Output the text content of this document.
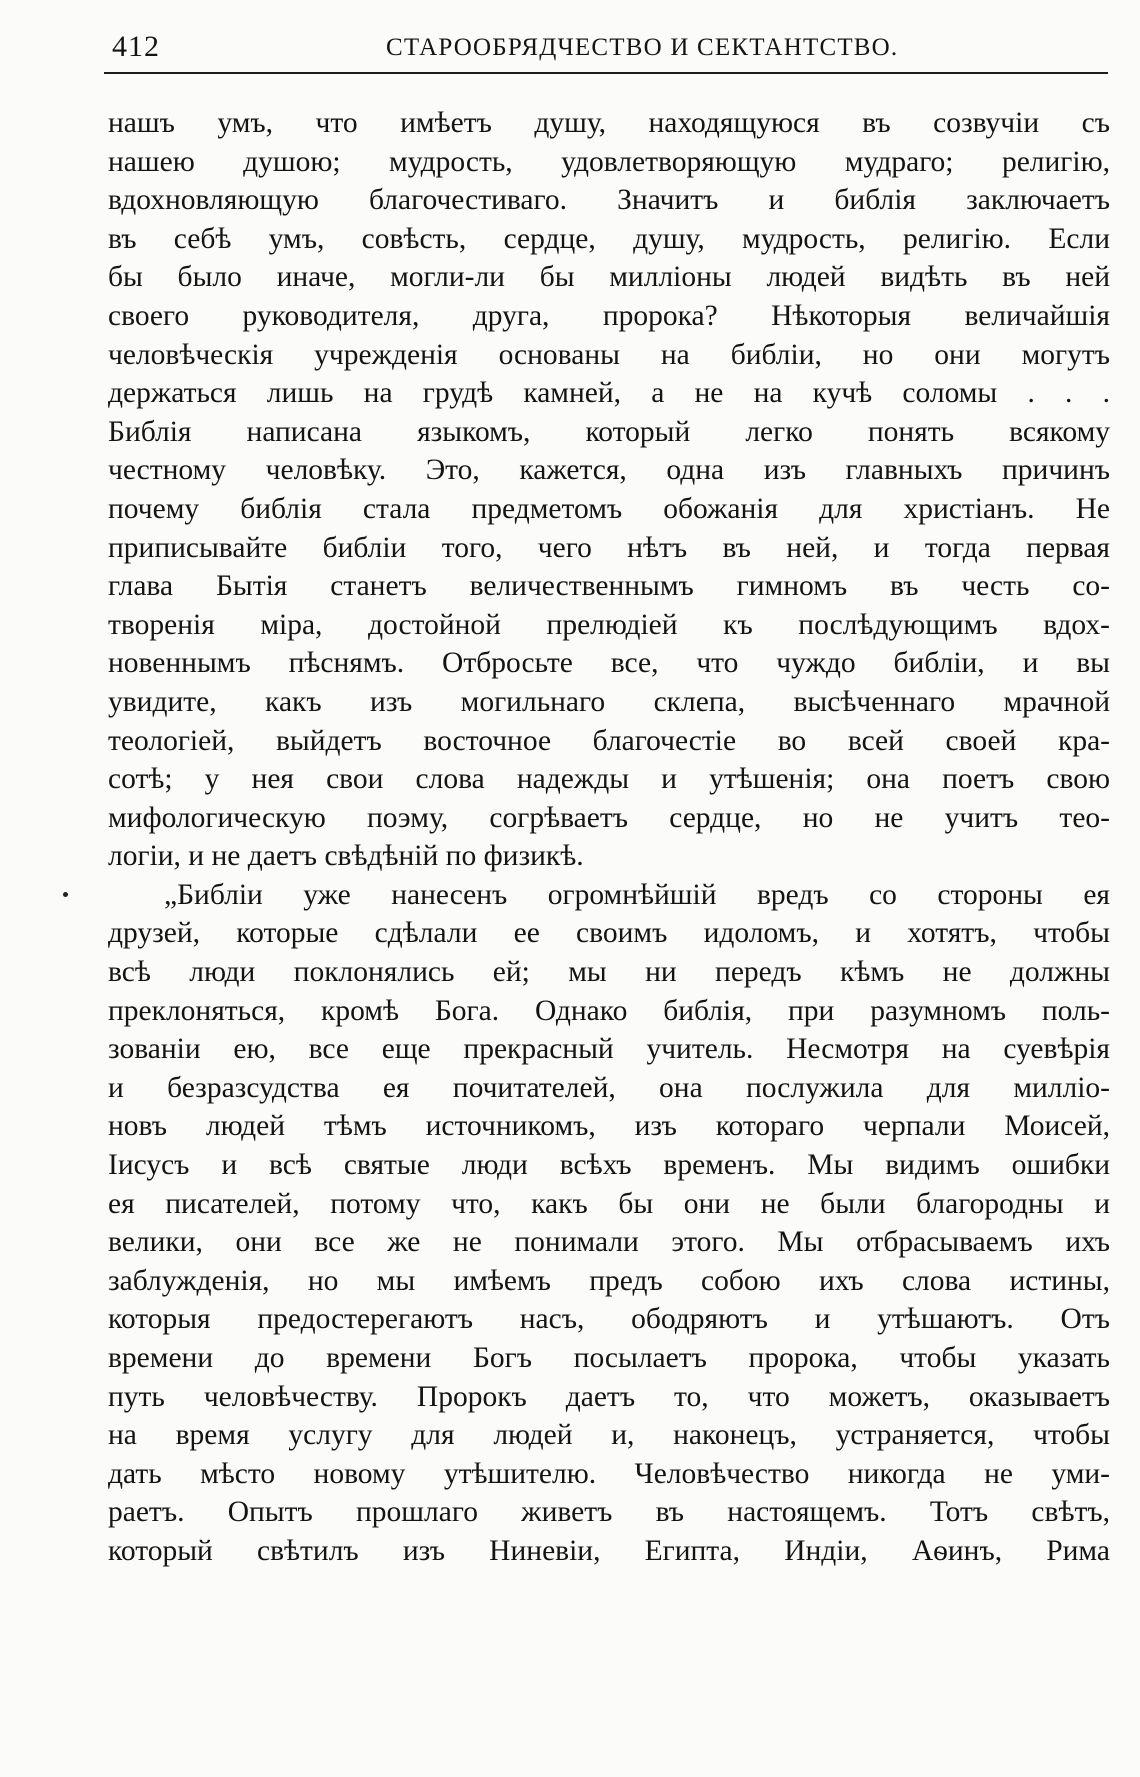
412	СТАРООБРЯДЧЕСТВО И СЕКТАНТСТВО.
нашъ умъ, что имѣетъ душу, находящуюся въ созвучіи съ
нашею душою; мудрость, удовлетворяющую мудраго; религію,
вдохновляющую благочестиваго. Значитъ и библія заключаетъ
въ себѣ умъ, совѣсть, сердце, душу, мудрость, религію. Если
бы было иначе, могли-ли бы милліоны людей видѣть въ ней
своего руководителя, друга, пророка? Нѣкоторыя величайшія
человѣческія учрежденія основаны на библіи, но они могутъ
держаться лишь на грудѣ камней, а не на кучѣ соломы . . .
Библія написана языкомъ, который легко понять всякому
честному человѣку. Это, кажется, одна изъ главныхъ причинъ
почему библія стала предметомъ обожанія для христіанъ. Не
приписывайте библіи того, чего нѣтъ въ ней, и тогда первая
глава Бытія станетъ величественнымъ гимномъ въ честь со-
творенія міра, достойной прелюдіей къ послѣдующимъ вдох-
новеннымъ пѣснямъ. Отбросьте все, что чуждо библіи, и вы
увидите, какъ изъ могильнаго склепа, высѣченнаго мрачной
теологіей, выйдетъ восточное благочестіе во всей своей кра-
сотѣ; у нея свои слова надежды и утѣшенія; она поетъ свою
мифологическую поэму, согрѣваетъ сердце, но не учитъ тео-
логіи, и не даетъ свѣдѣній по физикѣ.
„Библіи уже нанесенъ огромнѣйшій вредъ со стороны ея
друзей, которые сдѣлали ее своимъ идоломъ, и хотятъ, чтобы
всѣ люди поклонялись ей; мы ни передъ кѣмъ не должны
преклоняться, кромѣ Бога. Однако библія, при разумномъ поль-
зованіи ею, все еще прекрасный учитель. Несмотря на суевѣрія
и безразсудства ея почитателей, она послужила для милліо-
новъ людей тѣмъ источникомъ, изъ котораго черпали Моисей,
Іисусъ и всѣ святые люди всѣхъ временъ. Мы видимъ ошибки
ея писателей, потому что, какъ бы они не были благородны и
велики, они все же не понимали этого. Мы отбрасываемъ ихъ
заблужденія, но мы имѣемъ предъ собою ихъ слова истины,
которыя предостерегаютъ насъ, ободряютъ и утѣшаютъ. Отъ
времени до времени Богъ посылаетъ пророка, чтобы указать
путь человѣчеству. Пророкъ даетъ то, что можетъ, оказываетъ
на время услугу для людей и, наконецъ, устраняется, чтобы
дать мѣсто новому утѣшителю. Человѣчество никогда не уми-
раетъ. Опытъ прошлаго живетъ въ настоящемъ. Тотъ свѣтъ,
который свѣтилъ изъ Ниневіи, Египта, Индіи, Аѳинъ, Рима
